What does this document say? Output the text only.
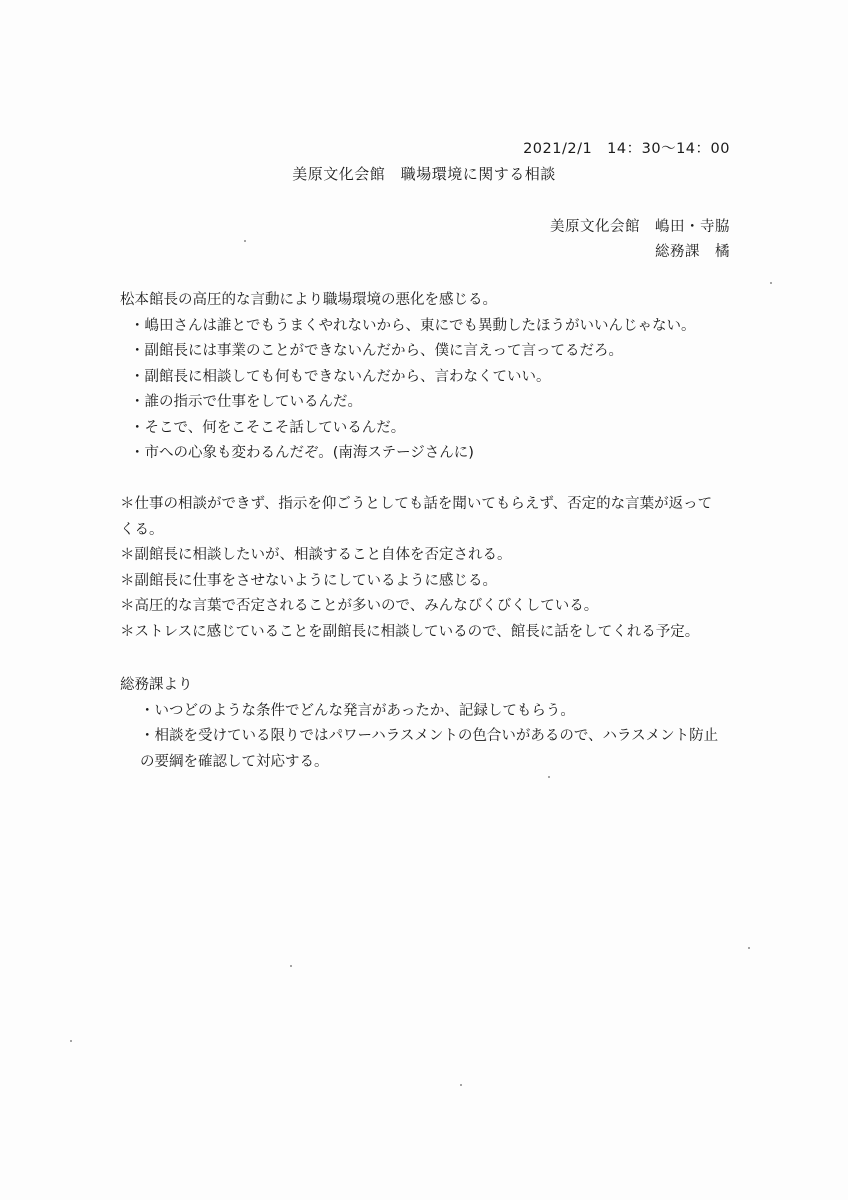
2021/2/1　14：30〜14：00
美原文化会館　職場環境に関する相談
美原文化会館　嶋田・寺脇
総務課　橘
松本館長の高圧的な言動により職場環境の悪化を感じる。
・嶋田さんは誰とでもうまくやれないから、東にでも異動したほうがいいんじゃない。
・副館長には事業のことができないんだから、僕に言えって言ってるだろ。
・副館長に相談しても何もできないんだから、言わなくていい。
・誰の指示で仕事をしているんだ。
・そこで、何をこそこそ話しているんだ。
・市への心象も変わるんだぞ。(南海ステージさんに)
＊仕事の相談ができず、指示を仰ごうとしても話を聞いてもらえず、否定的な言葉が返って
くる。
＊副館長に相談したいが、相談すること自体を否定される。
＊副館長に仕事をさせないようにしているように感じる。
＊高圧的な言葉で否定されることが多いので、みんなびくびくしている。
＊ストレスに感じていることを副館長に相談しているので、館長に話をしてくれる予定。
総務課より
・いつどのような条件でどんな発言があったか、記録してもらう。
・相談を受けている限りではパワーハラスメントの色合いがあるので、ハラスメント防止
の要綱を確認して対応する。
